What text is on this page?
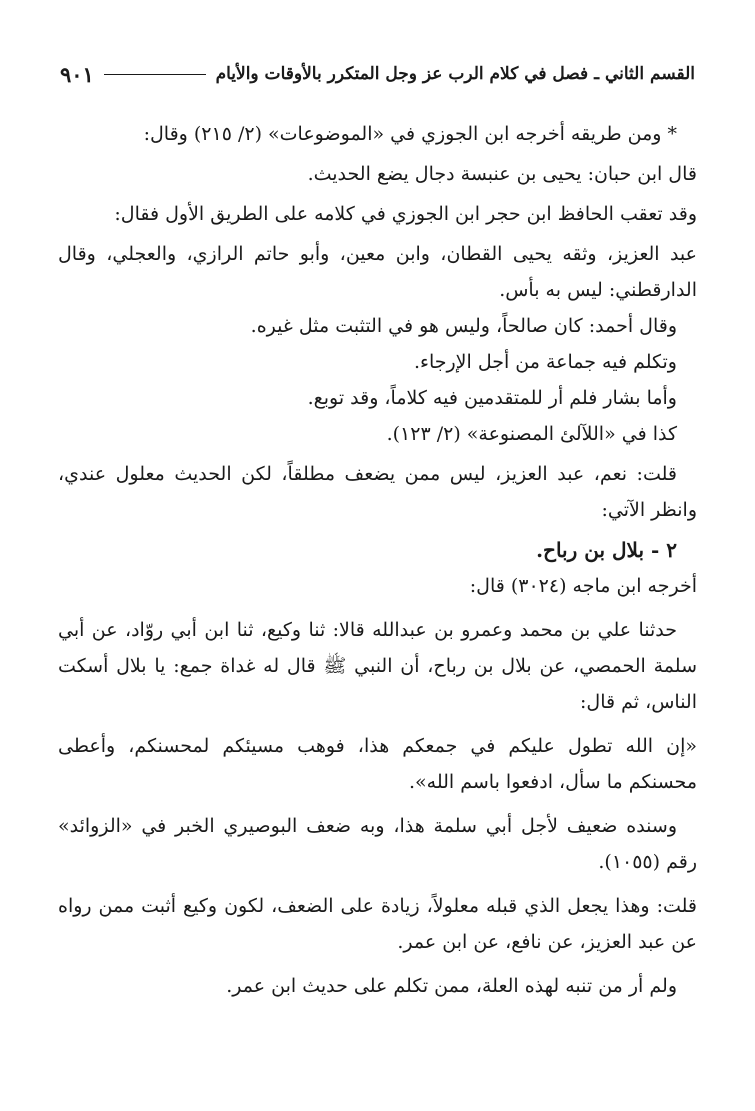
القسم الثاني ـ فصل في كلام الرب عز وجل المتكرر بالأوقات والأيام
٩٠١

* ومن طريقه أخرجه ابن الجوزي في «الموضوعات» (٢/ ٢١٥) وقال:

قال ابن حبان: يحيى بن عنبسة دجال يضع الحديث.

وقد تعقب الحافظ ابن حجر ابن الجوزي في كلامه على الطريق الأول فقال:

عبد العزيز، وثقه يحيى القطان، وابن معين، وأبو حاتم الرازي، والعجلي، وقال الدارقطني: ليس به بأس.

وقال أحمد: كان صالحاً، وليس هو في التثبت مثل غيره.

وتكلم فيه جماعة من أجل الإرجاء.

وأما بشار فلم أر للمتقدمين فيه كلاماً، وقد توبع.

كذا في «اللآلئ المصنوعة» (٢/ ١٢٣).

قلت: نعم، عبد العزيز، ليس ممن يضعف مطلقاً، لكن الحديث معلول عندي، وانظر الآتي:

٢ - بلال بن رباح.

أخرجه ابن ماجه (٣٠٢٤) قال:

حدثنا علي بن محمد وعمرو بن عبدالله قالا: ثنا وكيع، ثنا ابن أبي روّاد، عن أبي سلمة الحمصي، عن بلال بن رباح، أن النبي ﷺ قال له غداة جمع: يا بلال أسكت الناس، ثم قال:

«إن الله تطول عليكم في جمعكم هذا، فوهب مسيئكم لمحسنكم، وأعطى محسنكم ما سأل، ادفعوا باسم الله».

وسنده ضعيف لأجل أبي سلمة هذا، وبه ضعف البوصيري الخبر في «الزوائد» رقم (١٠٥٥).

قلت: وهذا يجعل الذي قبله معلولاً، زيادة على الضعف، لكون وكيع أثبت ممن رواه عن عبد العزيز، عن نافع، عن ابن عمر.

ولم أر من تنبه لهذه العلة، ممن تكلم على حديث ابن عمر.
